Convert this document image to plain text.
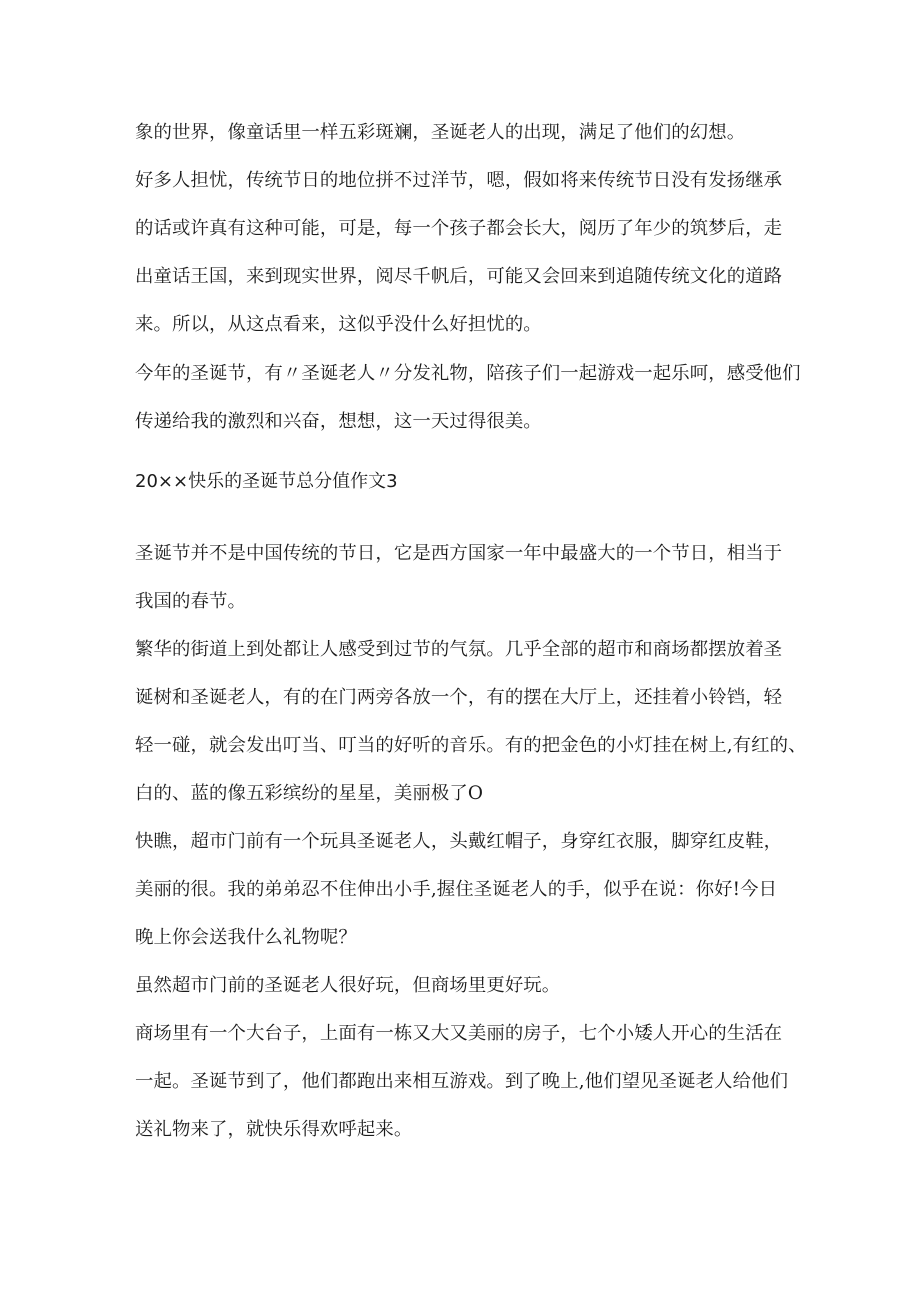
象的世界，像童话里一样五彩斑斓，圣诞老人的出现，满足了他们的幻想。
好多人担忧，传统节日的地位拼不过洋节，嗯，假如将来传统节日没有发扬继承
的话或许真有这种可能，可是，每一个孩子都会长大，阅历了年少的筑梦后，走
出童话王国，来到现实世界，阅尽千帆后，可能又会回来到追随传统文化的道路
来。所以，从这点看来，这似乎没什么好担忧的。
今年的圣诞节，有〃圣诞老人〃分发礼物，陪孩子们一起游戏一起乐呵，感受他们
传递给我的激烈和兴奋，想想，这一天过得很美。
20××快乐的圣诞节总分值作文3
圣诞节并不是中国传统的节日，它是西方国家一年中最盛大的一个节日，相当于
我国的春节。
繁华的街道上到处都让人感受到过节的气氛。几乎全部的超市和商场都摆放着圣
诞树和圣诞老人，有的在门两旁各放一个，有的摆在大厅上，还挂着小铃铛，轻
轻一碰，就会发出叮当、叮当的好听的音乐。有的把金色的小灯挂在树上,有红的、
白的、蓝的像五彩缤纷的星星，美丽极了O
快瞧，超市门前有一个玩具圣诞老人，头戴红帽子，身穿红衣服，脚穿红皮鞋，
美丽的很。我的弟弟忍不住伸出小手,握住圣诞老人的手，似乎在说：你好!今日
晚上你会送我什么礼物呢？
虽然超市门前的圣诞老人很好玩，但商场里更好玩。
商场里有一个大台子，上面有一栋又大又美丽的房子，七个小矮人开心的生活在
一起。圣诞节到了，他们都跑出来相互游戏。到了晚上,他们望见圣诞老人给他们
送礼物来了，就快乐得欢呼起来。
